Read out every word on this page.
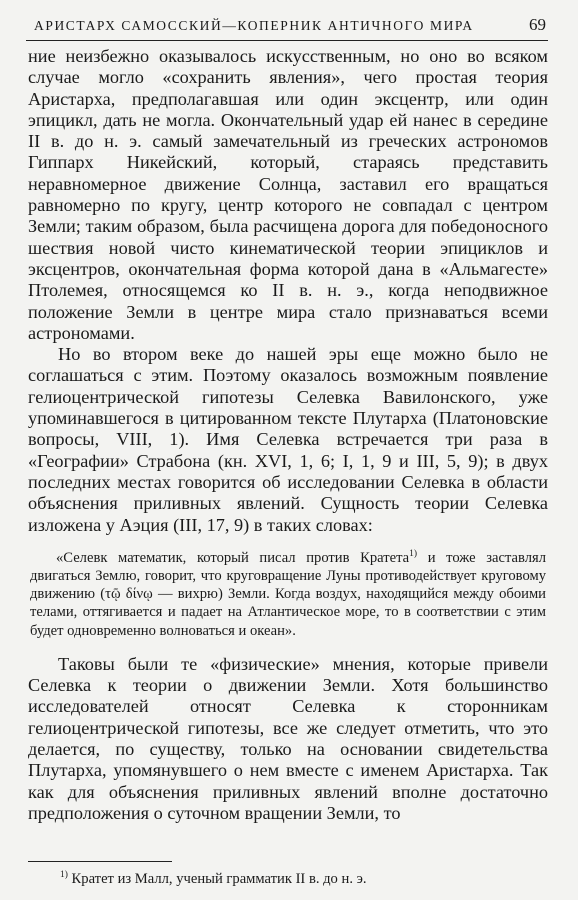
АРИСТАРХ САМОССКИЙ—КОПЕРНИК АНТИЧНОГО МИРА	69

ние неизбежно оказывалось искусственным, но оно во всяком случае могло «сохранить явления», чего простая теория Аристарха, предполагавшая или один эксцентр, или один эпицикл, дать не могла. Окончательный удар ей нанес в середине II в. до н. э. самый замечательный из греческих астрономов Гиппарх Никейский, который, стараясь представить неравномерное движение Солнца, заставил его вращаться равномерно по кругу, центр которого не совпадал с центром Земли; таким образом, была расчищена дорога для победоносного шествия новой чисто кинематической теории эпициклов и эксцентров, окончательная форма которой дана в «Альмагесте» Птолемея, относящемся ко II в. н. э., когда неподвижное положение Земли в центре мира стало признаваться всеми астрономами.

Но во втором веке до нашей эры еще можно было не соглашаться с этим. Поэтому оказалось возможным появление гелиоцентрической гипотезы Селевка Вавилонского, уже упоминавшегося в цитированном тексте Плутарха (Платоновские вопросы, VIII, 1). Имя Селевка встречается три раза в «Географии» Страбона (кн. XVI, 1, 6; I, 1, 9 и III, 5, 9); в двух последних местах говорится об исследовании Селевка в области объяснения приливных явлений. Сущность теории Селевка изложена у Аэция (III, 17, 9) в таких словах:

«Селевк математик, который писал против Кратета$^{1)}$ и тоже заставлял двигаться Землю, говорит, что круговращение Луны противодействует круговому движению (τῷ δίνῳ — вихрю) Земли. Когда воздух, находящийся между обоими телами, оттягивается и падает на Атлантическое море, то в соответствии с этим будет одновременно волноваться и океан».

Таковы были те «физические» мнения, которые привели Селевка к теории о движении Земли. Хотя большинство исследователей относят Селевка к сторонникам гелиоцентрической гипотезы, все же следует отметить, что это делается, по существу, только на основании свидетельства Плутарха, упомянувшего о нем вместе с именем Аристарха. Так как для объяснения приливных явлений вполне достаточно предположения о суточном вращении Земли, то

$^{1)}$ Кратет из Малл, ученый грамматик II в. до н. э.
